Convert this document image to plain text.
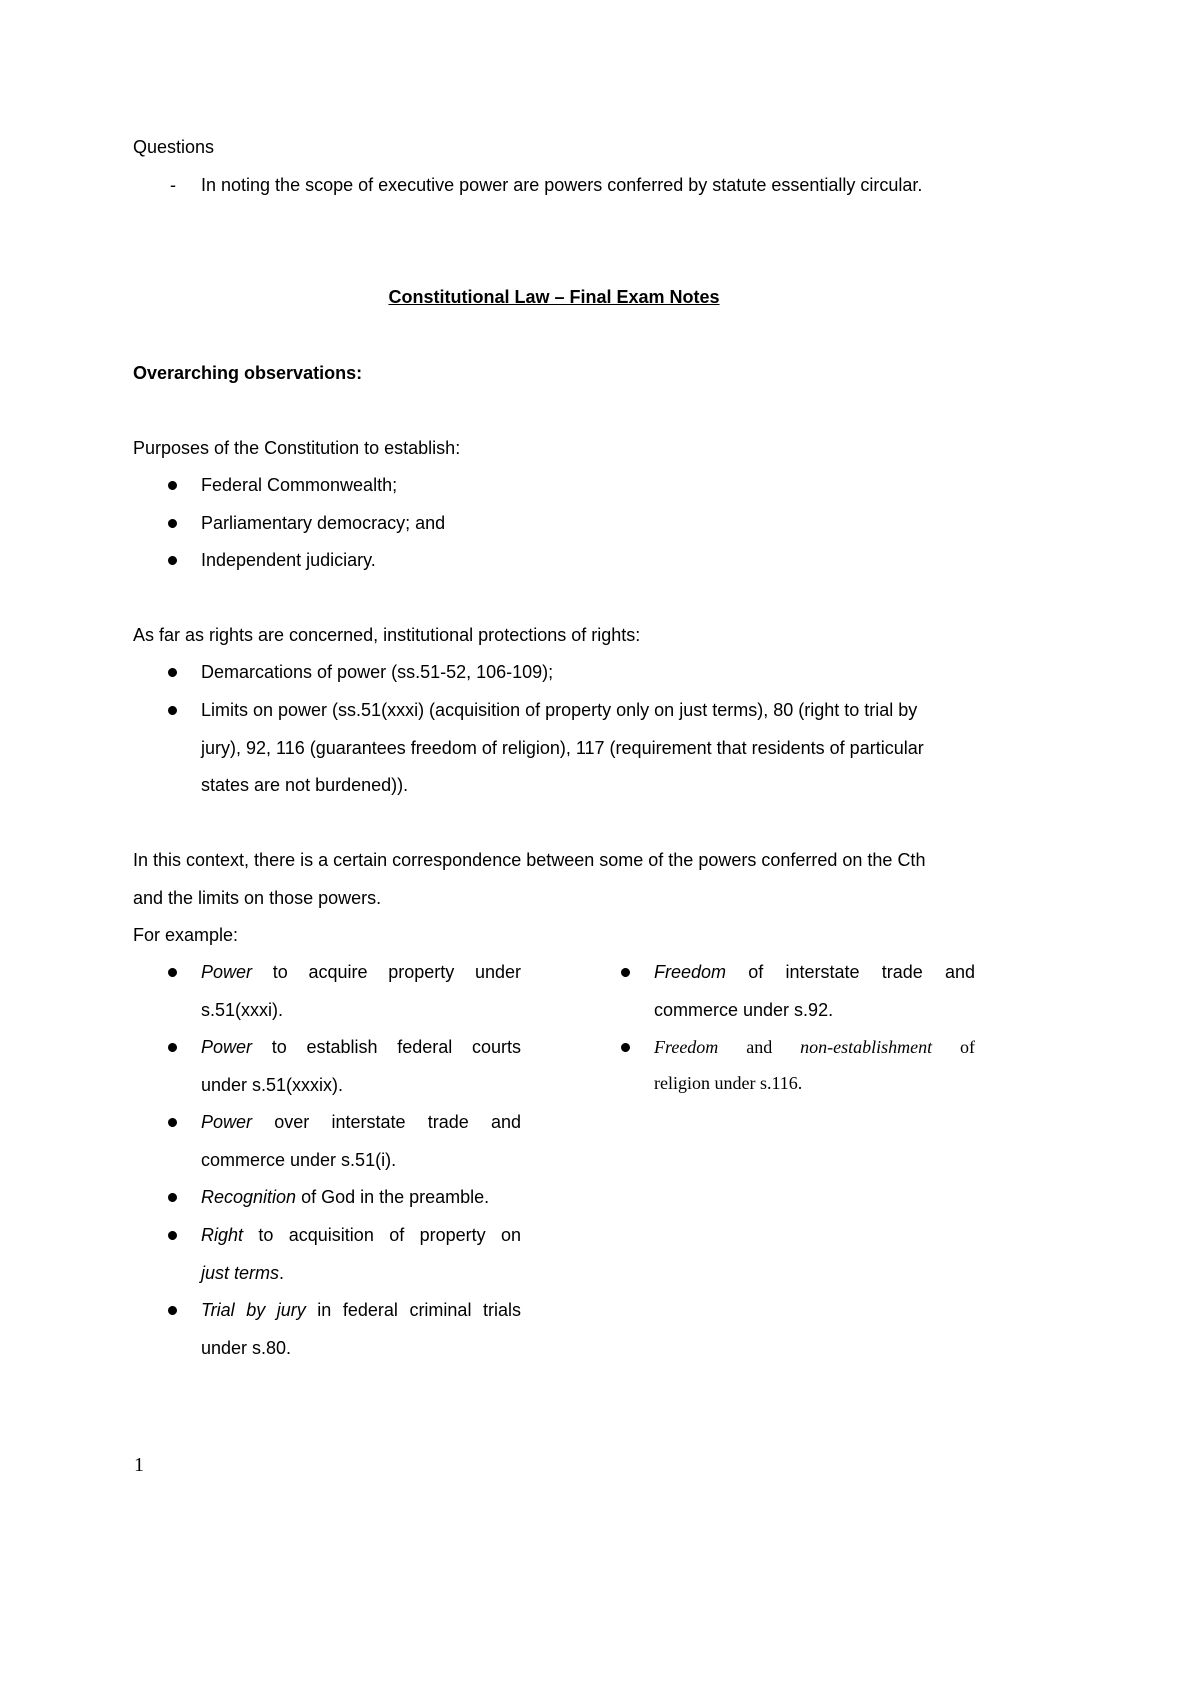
Questions
- In noting the scope of executive power are powers conferred by statute essentially circular.
Constitutional Law – Final Exam Notes
Overarching observations:
Purposes of the Constitution to establish:
Federal Commonwealth;
Parliamentary democracy; and
Independent judiciary.
As far as rights are concerned, institutional protections of rights:
Demarcations of power (ss.51-52, 106-109);
Limits on power (ss.51(xxxi) (acquisition of property only on just terms), 80 (right to trial by
jury), 92, 116 (guarantees freedom of religion), 117 (requirement that residents of particular
states are not burdened)).
In this context, there is a certain correspondence between some of the powers conferred on the Cth
and the limits on those powers.
For example:
Power to acquire property under
s.51(xxxi).
Power to establish federal courts
under s.51(xxxix).
Power over interstate trade and
commerce under s.51(i).
Recognition of God in the preamble.
Right to acquisition of property on
just terms.
Trial by jury in federal criminal trials
under s.80.
Freedom of interstate trade and
commerce under s.92.
Freedom and non-establishment of
religion under s.116.
1
